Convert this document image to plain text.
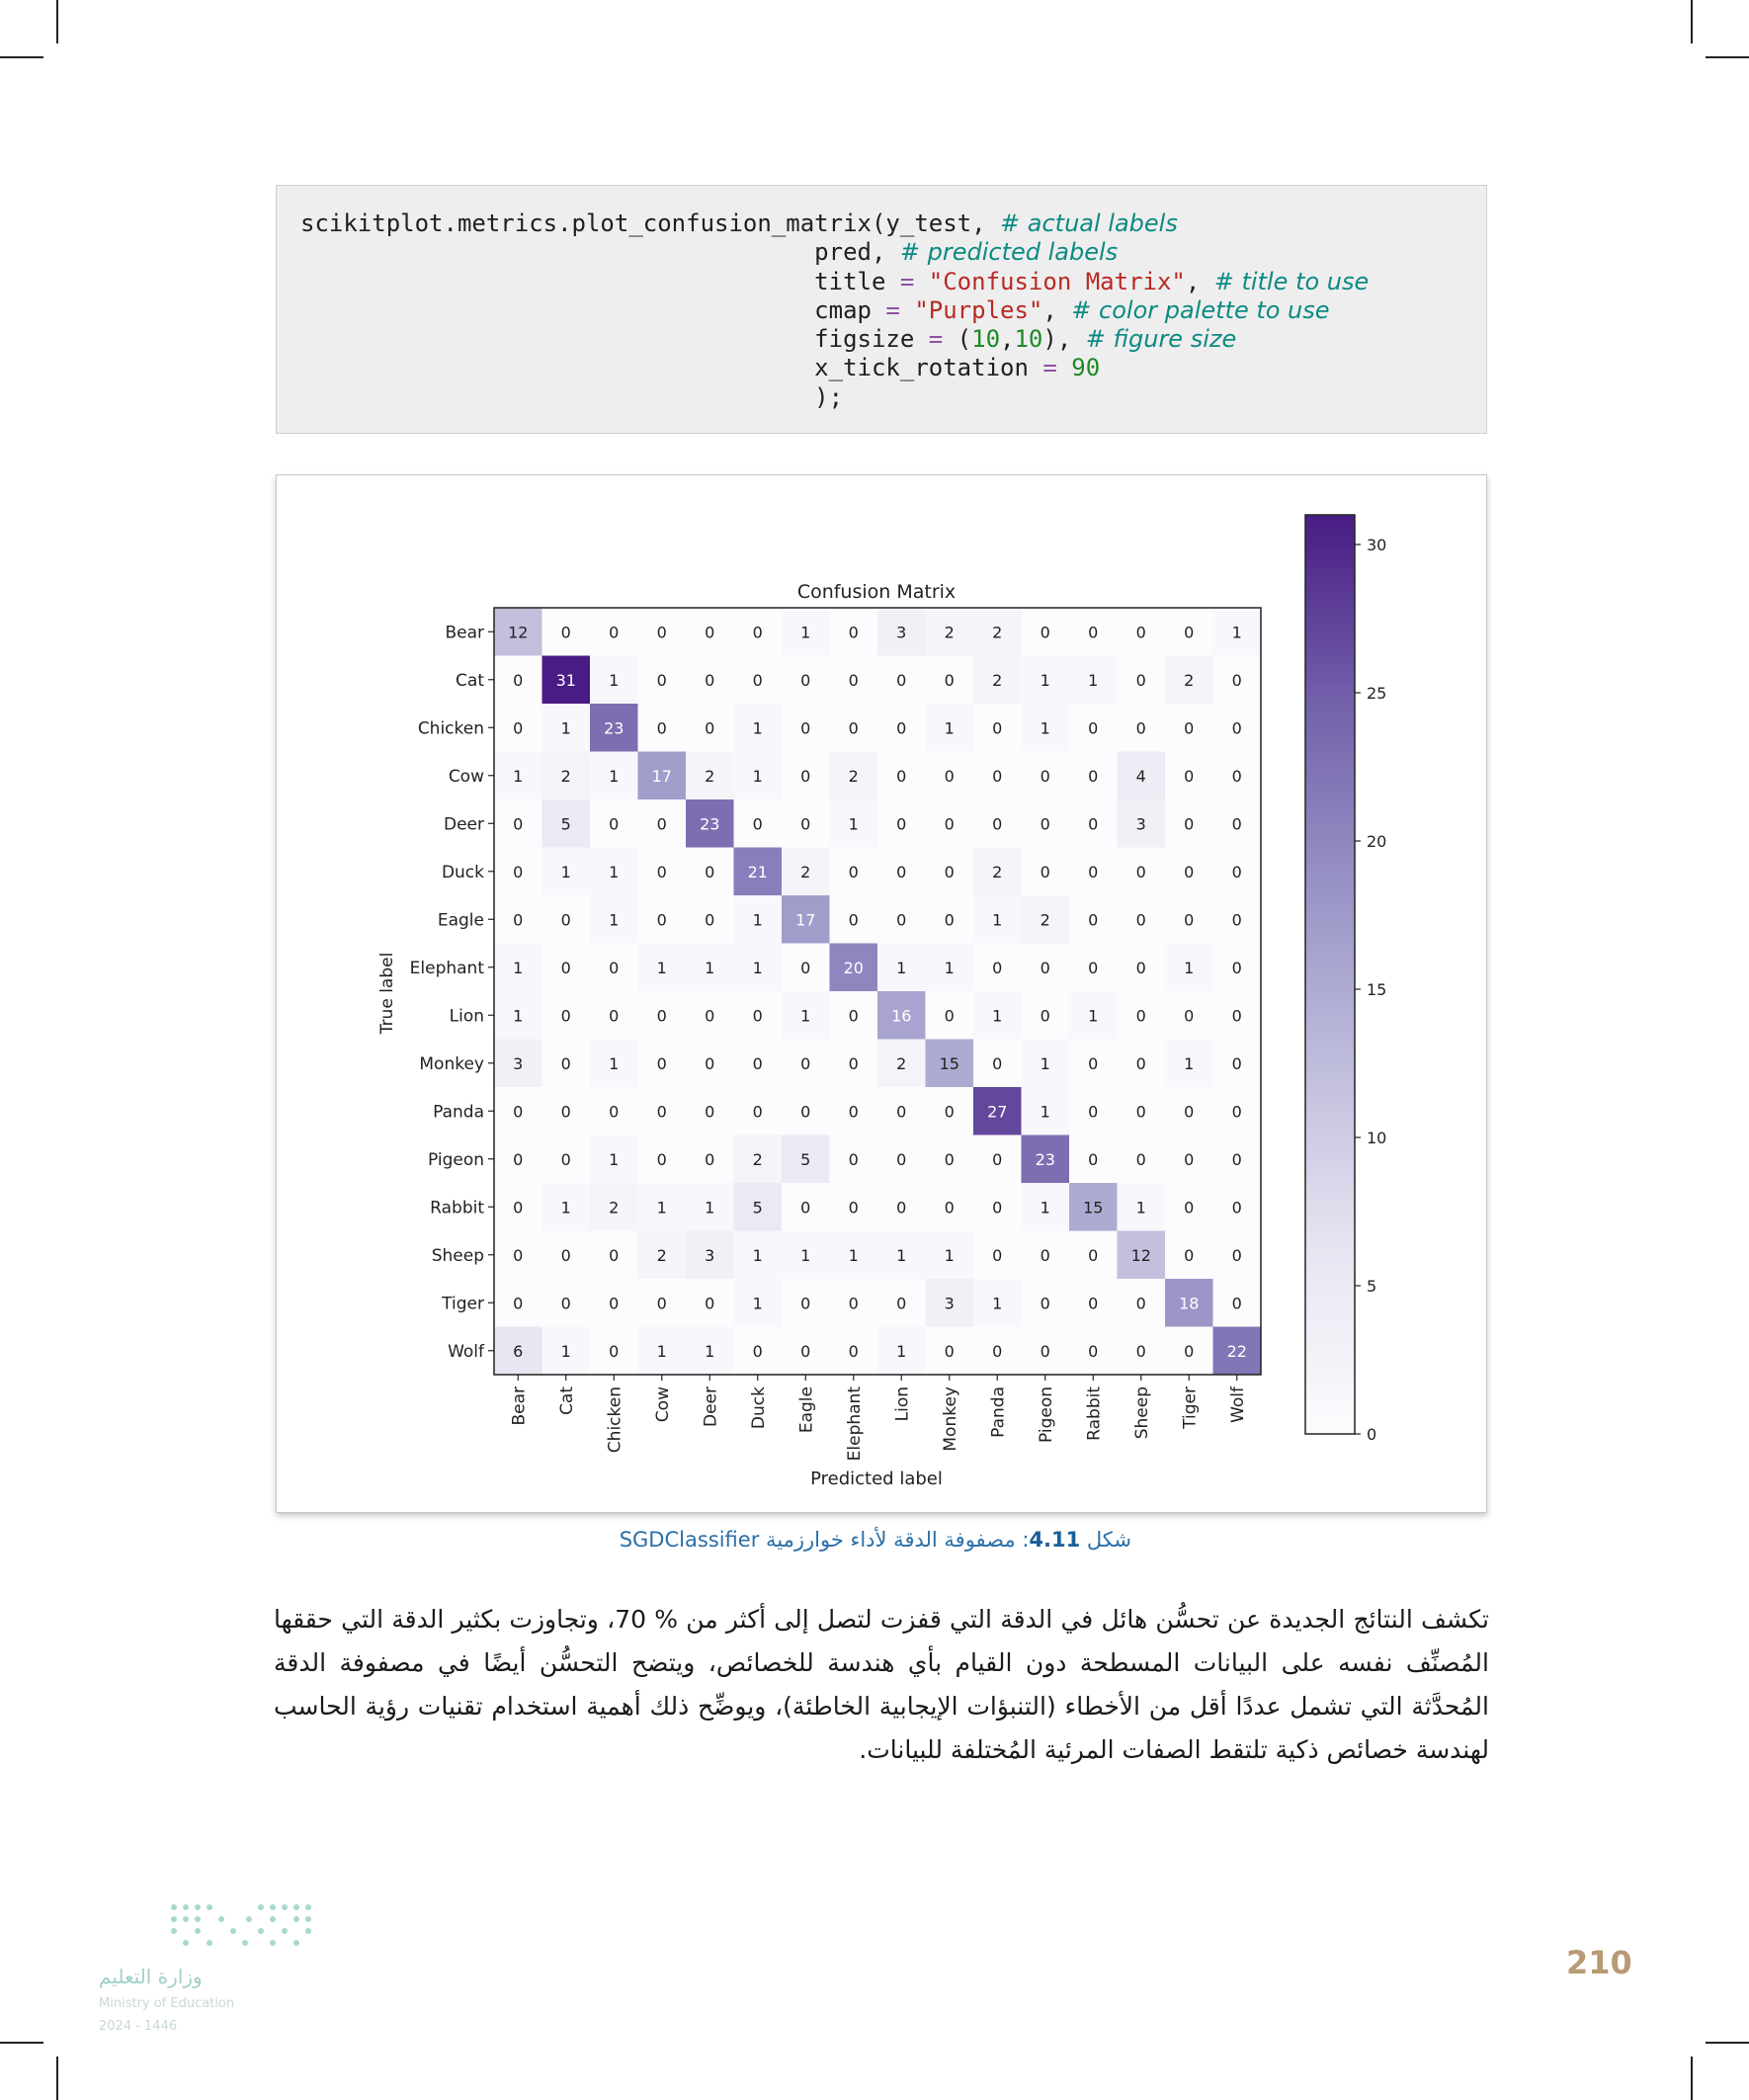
scikitplot.metrics.plot_confusion_matrix(y_test, # actual labels
pred, # predicted labels
title = "Confusion Matrix", # title to use
cmap = "Purples", # color palette to use
figsize = (10,10), # figure size
x_tick_rotation = 90
);
Confusion Matrix
Predicted label
True label
12 0 0 0 0 0 1 0 3 2 2 0 0 0 0 1
0 31 1 0 0 0 0 0 0 0 2 1 1 0 2 0
0 1 23 0 0 1 0 0 0 1 0 1 0 0 0 0
1 2 1 17 2 1 0 2 0 0 0 0 0 4 0 0
0 5 0 0 23 0 0 1 0 0 0 0 0 3 0 0
0 1 1 0 0 21 2 0 0 0 2 0 0 0 0 0
0 0 1 0 0 1 17 0 0 0 1 2 0 0 0 0
1 0 0 1 1 1 0 20 1 1 0 0 0 0 1 0
1 0 0 0 0 0 1 0 16 0 1 0 1 0 0 0
3 0 1 0 0 0 0 0 2 15 0 1 0 0 1 0
0 0 0 0 0 0 0 0 0 0 27 1 0 0 0 0
0 0 1 0 0 2 5 0 0 0 0 23 0 0 0 0
0 1 2 1 1 5 0 0 0 0 0 1 15 1 0 0
0 0 0 2 3 1 1 1 1 1 0 0 0 12 0 0
0 0 0 0 0 1 0 0 0 3 1 0 0 0 18 0
6 1 0 1 1 0 0 0 1 0 0 0 0 0 0 22
Bear Cat Chicken Cow Deer Duck Eagle Elephant Lion Monkey Panda Pigeon Rabbit Sheep Tiger Wolf
Bear
Cat
Chicken
Cow
Deer
Duck
Eagle
Elephant
Lion
Monkey
Panda
Pigeon
Rabbit
Sheep
Tiger
Wolf
0
5
10
15
20
25
30
شكل 4.11: مصفوفة الدقة لأداء خوارزمية SGDClassifier
تكشف النتائج الجديدة عن تحسُّن هائل في الدقة التي قفزت لتصل إلى أكثر من % 70، وتجاوزت بكثير الدقة التي حققها المُصنِّف نفسه على البيانات المسطحة دون القيام بأي هندسة للخصائص، ويتضح التحسُّن أيضًا في مصفوفة الدقة المُحدَّثة التي تشمل عددًا أقل من الأخطاء (التنبؤات الإيجابية الخاطئة)، ويوضِّح ذلك أهمية استخدام تقنيات رؤية الحاسب لهندسة خصائص ذكية تلتقط الصفات المرئية المُختلفة للبيانات.
وزارة التعليم
Ministry of Education
2024 - 1446
210
